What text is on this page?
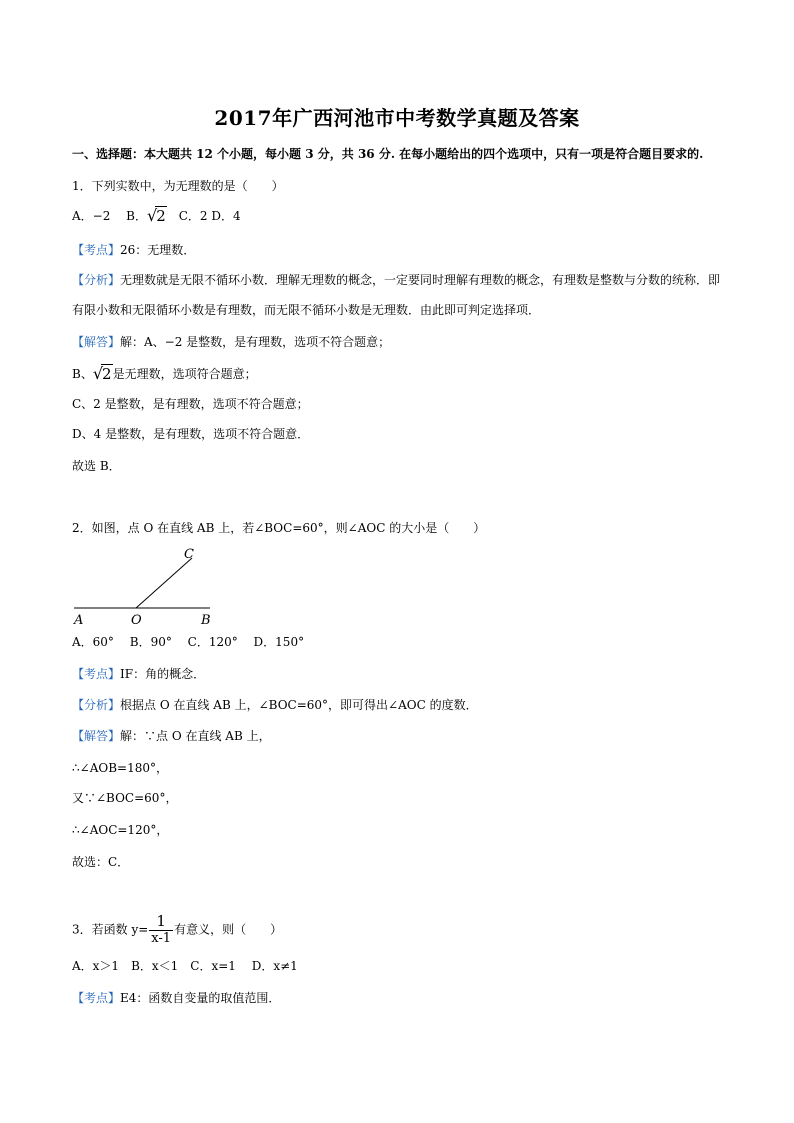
2017年广西河池市中考数学真题及答案
一、选择题：本大题共 12 个小题，每小题 3 分，共 36 分. 在每小题给出的四个选项中，只有一项是符合题目要求的.
1．下列实数中，为无理数的是（　　）
A．−2　 B．√2　C．2 D．4
【考点】26：无理数．
【分析】无理数就是无限不循环小数．理解无理数的概念，一定要同时理解有理数的概念，有理数是整数与分数的统称．即
有限小数和无限循环小数是有理数，而无限不循环小数是无理数．由此即可判定选择项．
【解答】解：A、−2 是整数，是有理数，选项不符合题意；
B、√2是无理数，选项符合题意；
C、2 是整数，是有理数，选项不符合题意；
D、4 是整数，是有理数，选项不符合题意．
故选 B．
2．如图，点 O 在直线 AB 上，若∠BOC=60°，则∠AOC 的大小是（　　）
A	O	B
C
A．60°　 B．90°　 C．120°　 D．150°
【考点】IF：角的概念．
【分析】根据点 O 在直线 AB 上，∠BOC=60°，即可得出∠AOC 的度数．
【解答】解：∵点 O 在直线 AB 上，
∴∠AOB=180°，
又∵∠BOC=60°，
∴∠AOC=120°，
故选：C．
3．若函数 $y= \frac{1}{x-1}$ 有意义，则（　　）
A．x＞1　B．x＜1　C．x=1　 D．x≠1
【考点】E4：函数自变量的取值范围．
